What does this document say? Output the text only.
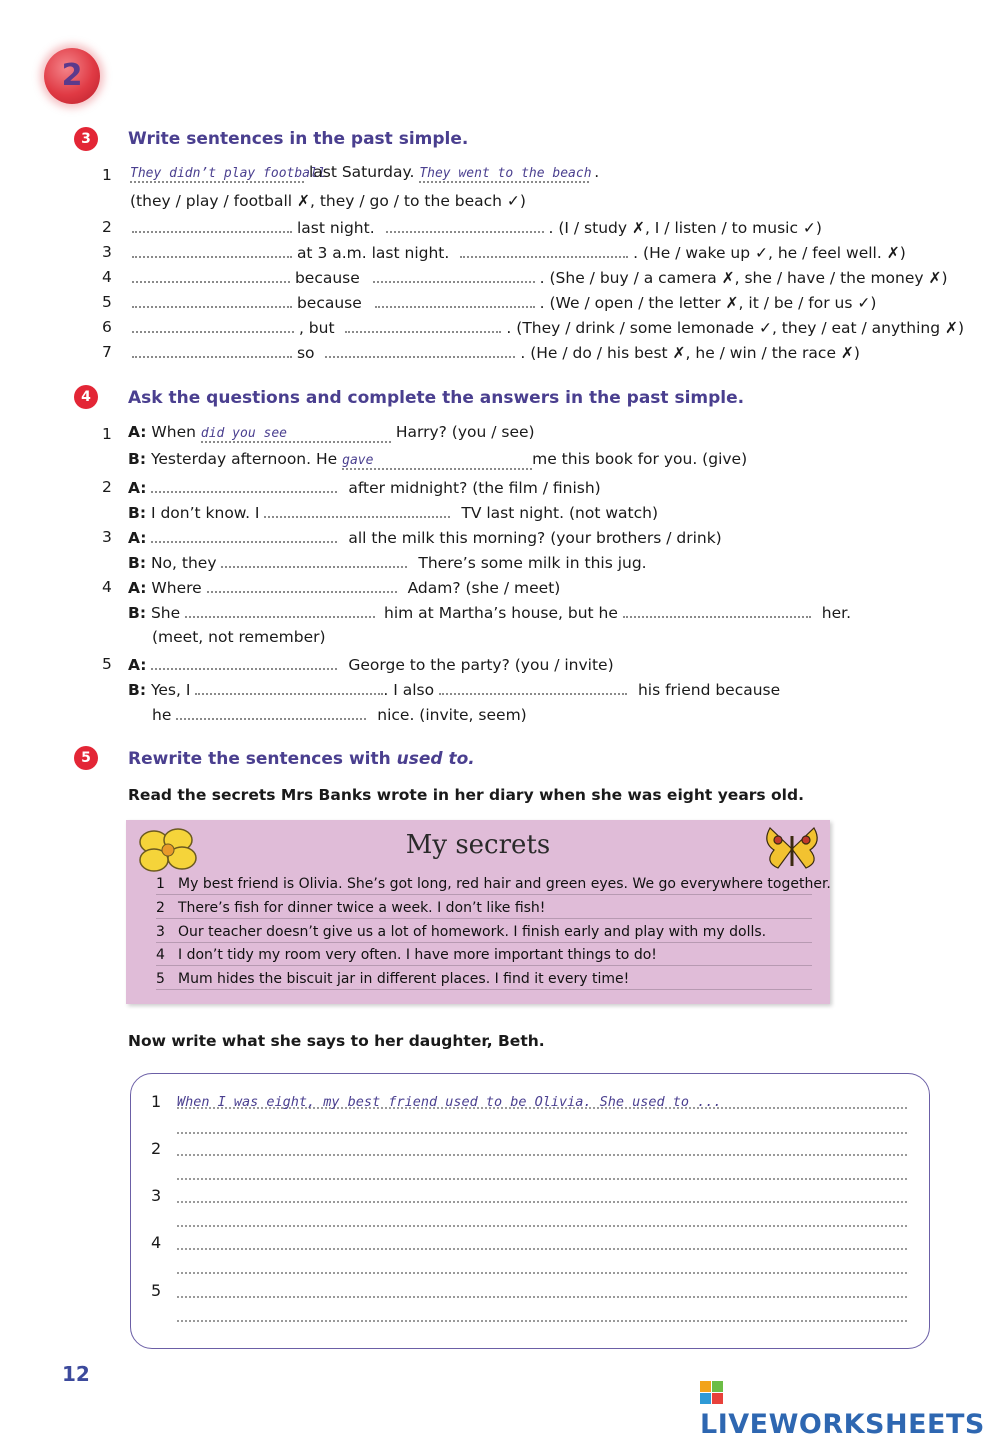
2
3	Write sentences in the past simple.
1 They didn’t play football last Saturday. They went to the beach .
(they / play / football ✗, they / go / to the beach ✓)
2	last night.	. (I / study ✗, I / listen / to music ✓)
3	at 3 a.m. last night.	. (He / wake up ✓, he / feel well. ✗)
4	because	. (She / buy / a camera ✗, she / have / the money ✗)
5	because	. (We / open / the letter ✗, it / be / for us ✓)
6	, but	. (They / drink / some lemonade ✓, they / eat / anything ✗)
7	so	. (He / do / his best ✗, he / win / the race ✗)
4	Ask the questions and complete the answers in the past simple.
1 A: When did you see	Harry? (you / see)
B: Yesterday afternoon. He gave	me this book for you. (give)
2 A:	after midnight? (the film / finish)
B: I don’t know. I	TV last night. (not watch)
3 A:	all the milk this morning? (your brothers / drink)
B: No, they	There’s some milk in this jug.
4 A: Where	Adam? (she / meet)
B: She	him at Martha’s house, but he	her.
(meet, not remember)
5 A:	George to the party? (you / invite)
B: Yes, I	. I also	his friend because
he	nice. (invite, seem)
5	Rewrite the sentences with used to.
Read the secrets Mrs Banks wrote in her diary when she was eight years old.
My secrets
1 My best friend is Olivia. She’s got long, red hair and green eyes. We go everywhere together.
2 There’s fish for dinner twice a week. I don’t like fish!
3 Our teacher doesn’t give us a lot of homework. I finish early and play with my dolls.
4 I don’t tidy my room very often. I have more important things to do!
5 Mum hides the biscuit jar in different places. I find it every time!
Now write what she says to her daughter, Beth.
1 When I was eight, my best friend used to be Olivia. She used to ...
2
3
4
5
12
LIVEWORKSHEETS
